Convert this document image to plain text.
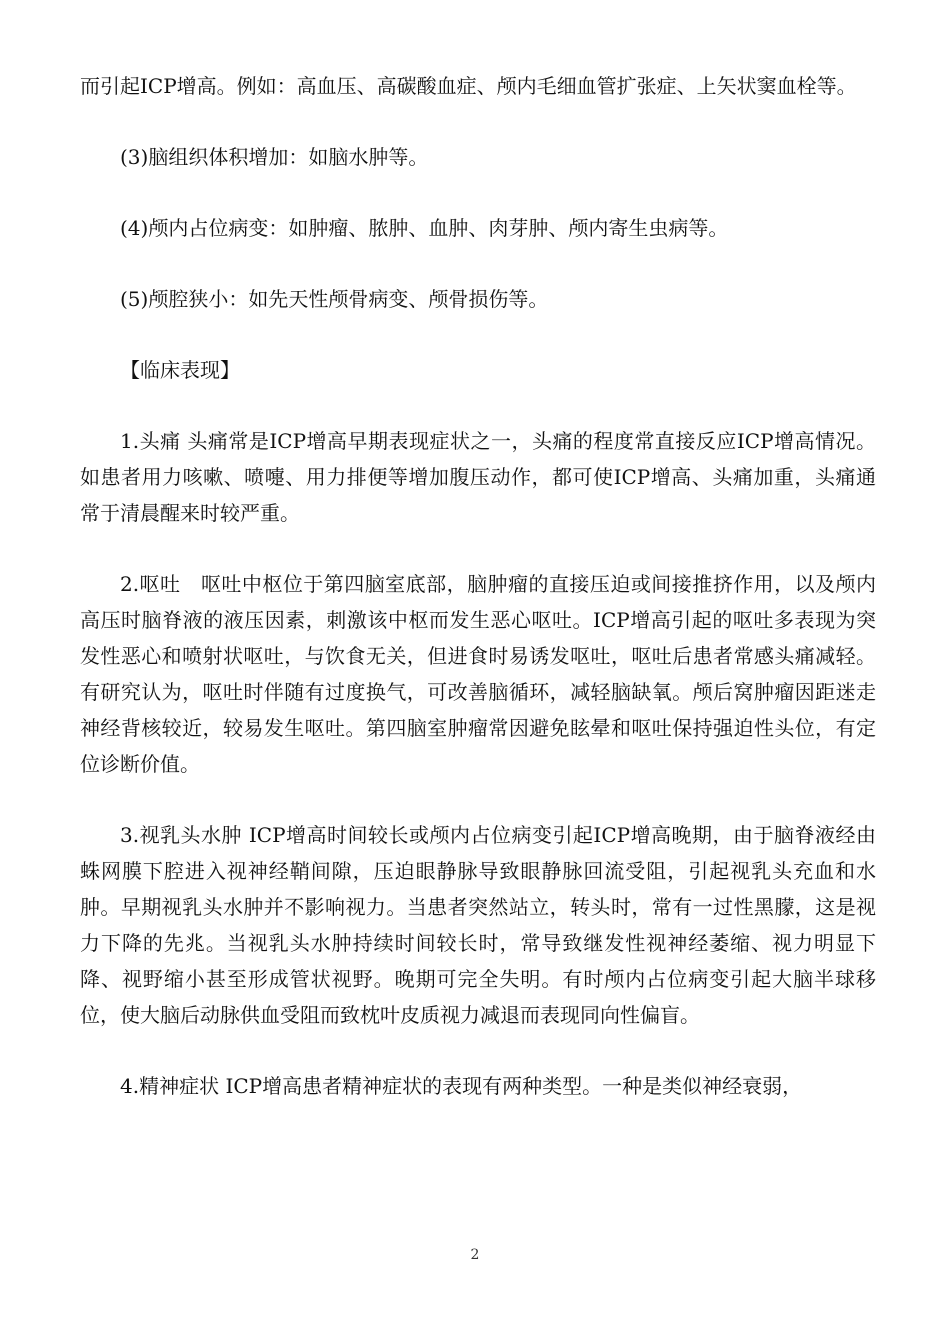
而引起ICP增高。例如：高血压、高碳酸血症、颅内毛细血管扩张症、上矢状窦血栓等。

(3)脑组织体积增加：如脑水肿等。

(4)颅内占位病变：如肿瘤、脓肿、血肿、肉芽肿、颅内寄生虫病等。

(5)颅腔狭小：如先天性颅骨病变、颅骨损伤等。

【临床表现】

1.头痛 头痛常是ICP增高早期表现症状之一，头痛的程度常直接反应ICP增高情况。如患者用力咳嗽、喷嚏、用力排便等增加腹压动作，都可使ICP增高、头痛加重，头痛通常于清晨醒来时较严重。

2.呕吐　呕吐中枢位于第四脑室底部，脑肿瘤的直接压迫或间接推挤作用，以及颅内高压时脑脊液的液压因素，刺激该中枢而发生恶心呕吐。ICP增高引起的呕吐多表现为突发性恶心和喷射状呕吐，与饮食无关，但进食时易诱发呕吐，呕吐后患者常感头痛减轻。有研究认为，呕吐时伴随有过度换气，可改善脑循环，减轻脑缺氧。颅后窝肿瘤因距迷走神经背核较近，较易发生呕吐。第四脑室肿瘤常因避免眩晕和呕吐保持强迫性头位，有定位诊断价值。

3.视乳头水肿 ICP增高时间较长或颅内占位病变引起ICP增高晚期，由于脑脊液经由蛛网膜下腔进入视神经鞘间隙，压迫眼静脉导致眼静脉回流受阻，引起视乳头充血和水肿。早期视乳头水肿并不影响视力。当患者突然站立，转头时，常有一过性黑朦，这是视力下降的先兆。当视乳头水肿持续时间较长时，常导致继发性视神经萎缩、视力明显下降、视野缩小甚至形成管状视野。晚期可完全失明。有时颅内占位病变引起大脑半球移位，使大脑后动脉供血受阻而致枕叶皮质视力减退而表现同向性偏盲。

4.精神症状 ICP增高患者精神症状的表现有两种类型。一种是类似神经衰弱，

2
